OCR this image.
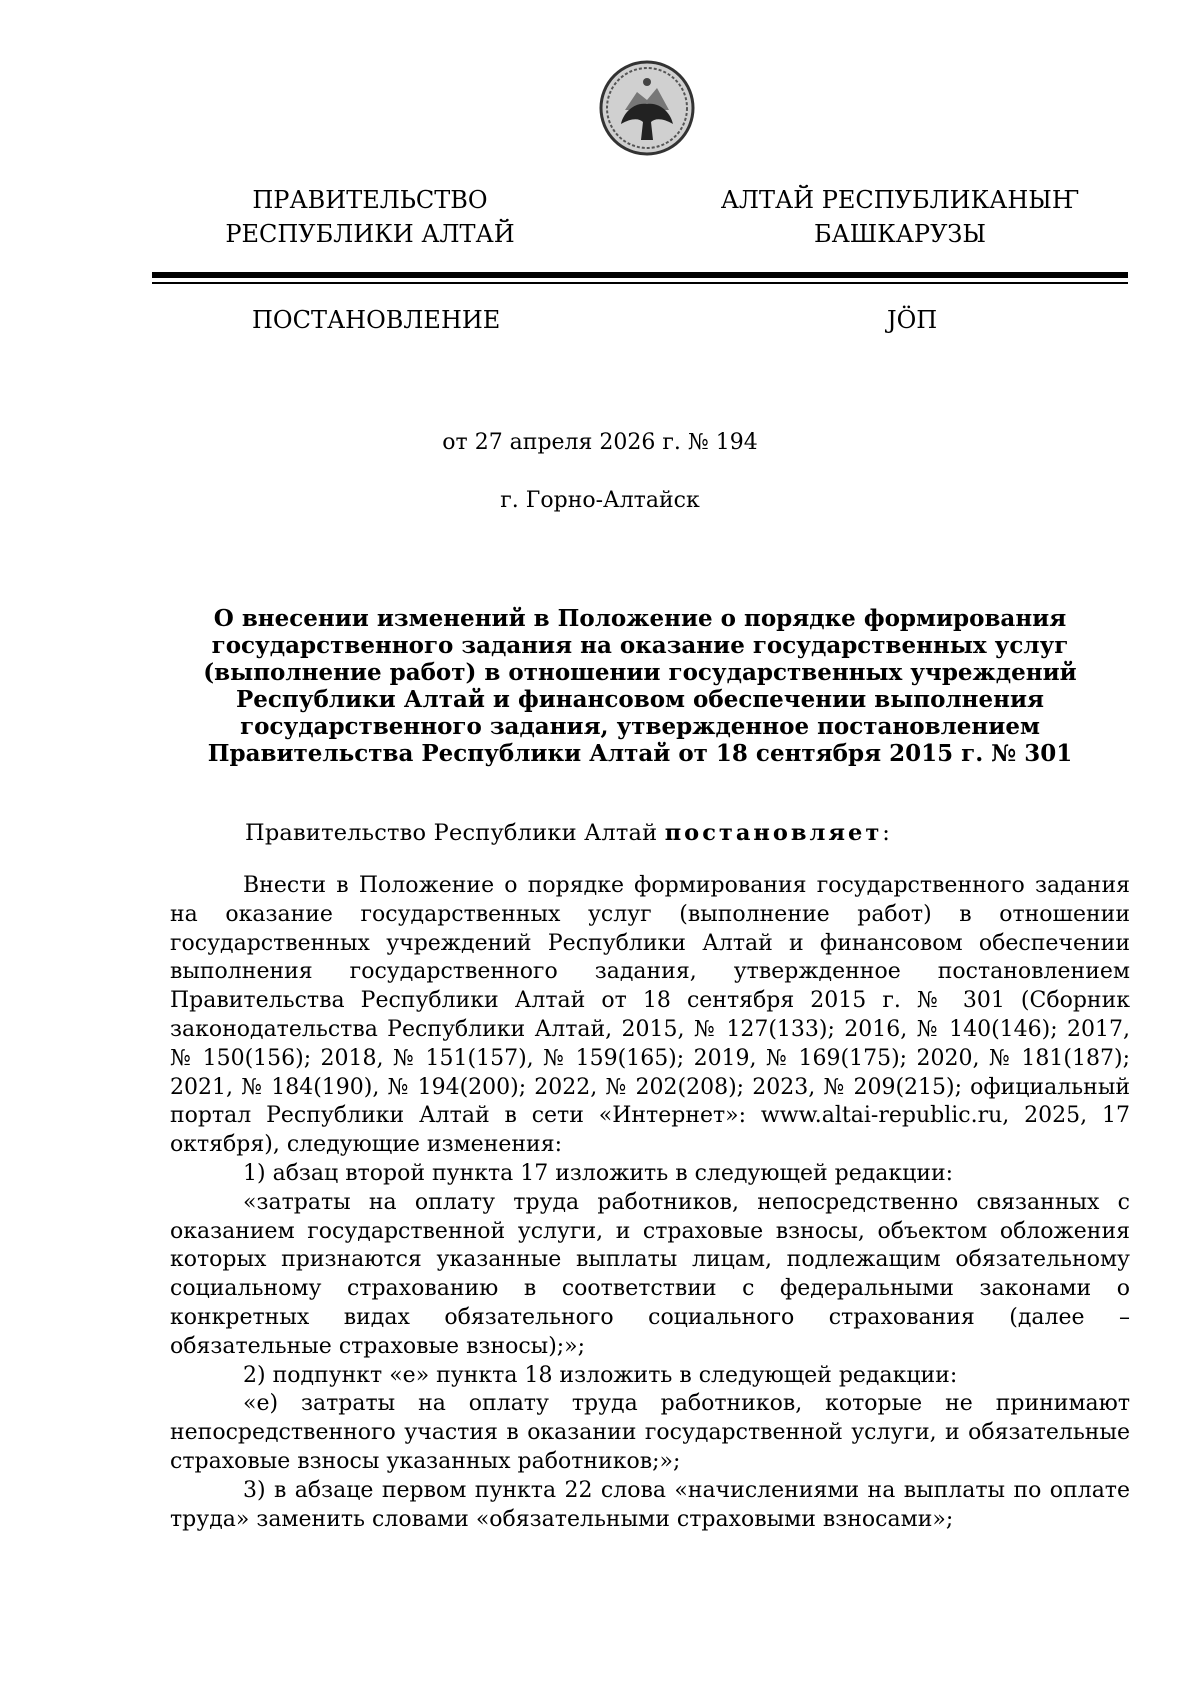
ПРАВИТЕЛЬСТВО
РЕСПУБЛИКИ АЛТАЙ
АЛТАЙ РЕСПУБЛИКАНЫҤ
БАШКАРУЗЫ
ПОСТАНОВЛЕНИЕ	ЈӦП
от 27 апреля 2026 г. № 194
г. Горно-Алтайск
О внесении изменений в Положение о порядке формирования государственного задания на оказание государственных услуг (выполнение работ) в отношении государственных учреждений Республики Алтай и финансовом обеспечении выполнения государственного задания, утвержденное постановлением Правительства Республики Алтай от 18 сентября 2015 г. № 301
Правительство Республики Алтай постановляет:

Внести в Положение о порядке формирования государственного задания на оказание государственных услуг (выполнение работ) в отношении государственных учреждений Республики Алтай и финансовом обеспечении выполнения государственного задания, утвержденное постановлением Правительства Республики Алтай от 18 сентября 2015 г. № 301 (Сборник законодательства Республики Алтай, 2015, № 127(133); 2016, № 140(146); 2017, № 150(156); 2018, № 151(157), № 159(165); 2019, № 169(175); 2020, № 181(187); 2021, № 184(190), № 194(200); 2022, № 202(208); 2023, № 209(215); официальный портал Республики Алтай в сети «Интернет»: www.altai-republic.ru, 2025, 17 октября), следующие изменения:

1) абзац второй пункта 17 изложить в следующей редакции:

«затраты на оплату труда работников, непосредственно связанных с оказанием государственной услуги, и страховые взносы, объектом обложения которых признаются указанные выплаты лицам, подлежащим обязательному социальному страхованию в соответствии с федеральными законами о конкретных видах обязательного социального страхования (далее – обязательные страховые взносы);»;

2) подпункт «е» пункта 18 изложить в следующей редакции:

«е) затраты на оплату труда работников, которые не принимают непосредственного участия в оказании государственной услуги, и обязательные страховые взносы указанных работников;»;

3) в абзаце первом пункта 22 слова «начислениями на выплаты по оплате труда» заменить словами «обязательными страховыми взносами»;
